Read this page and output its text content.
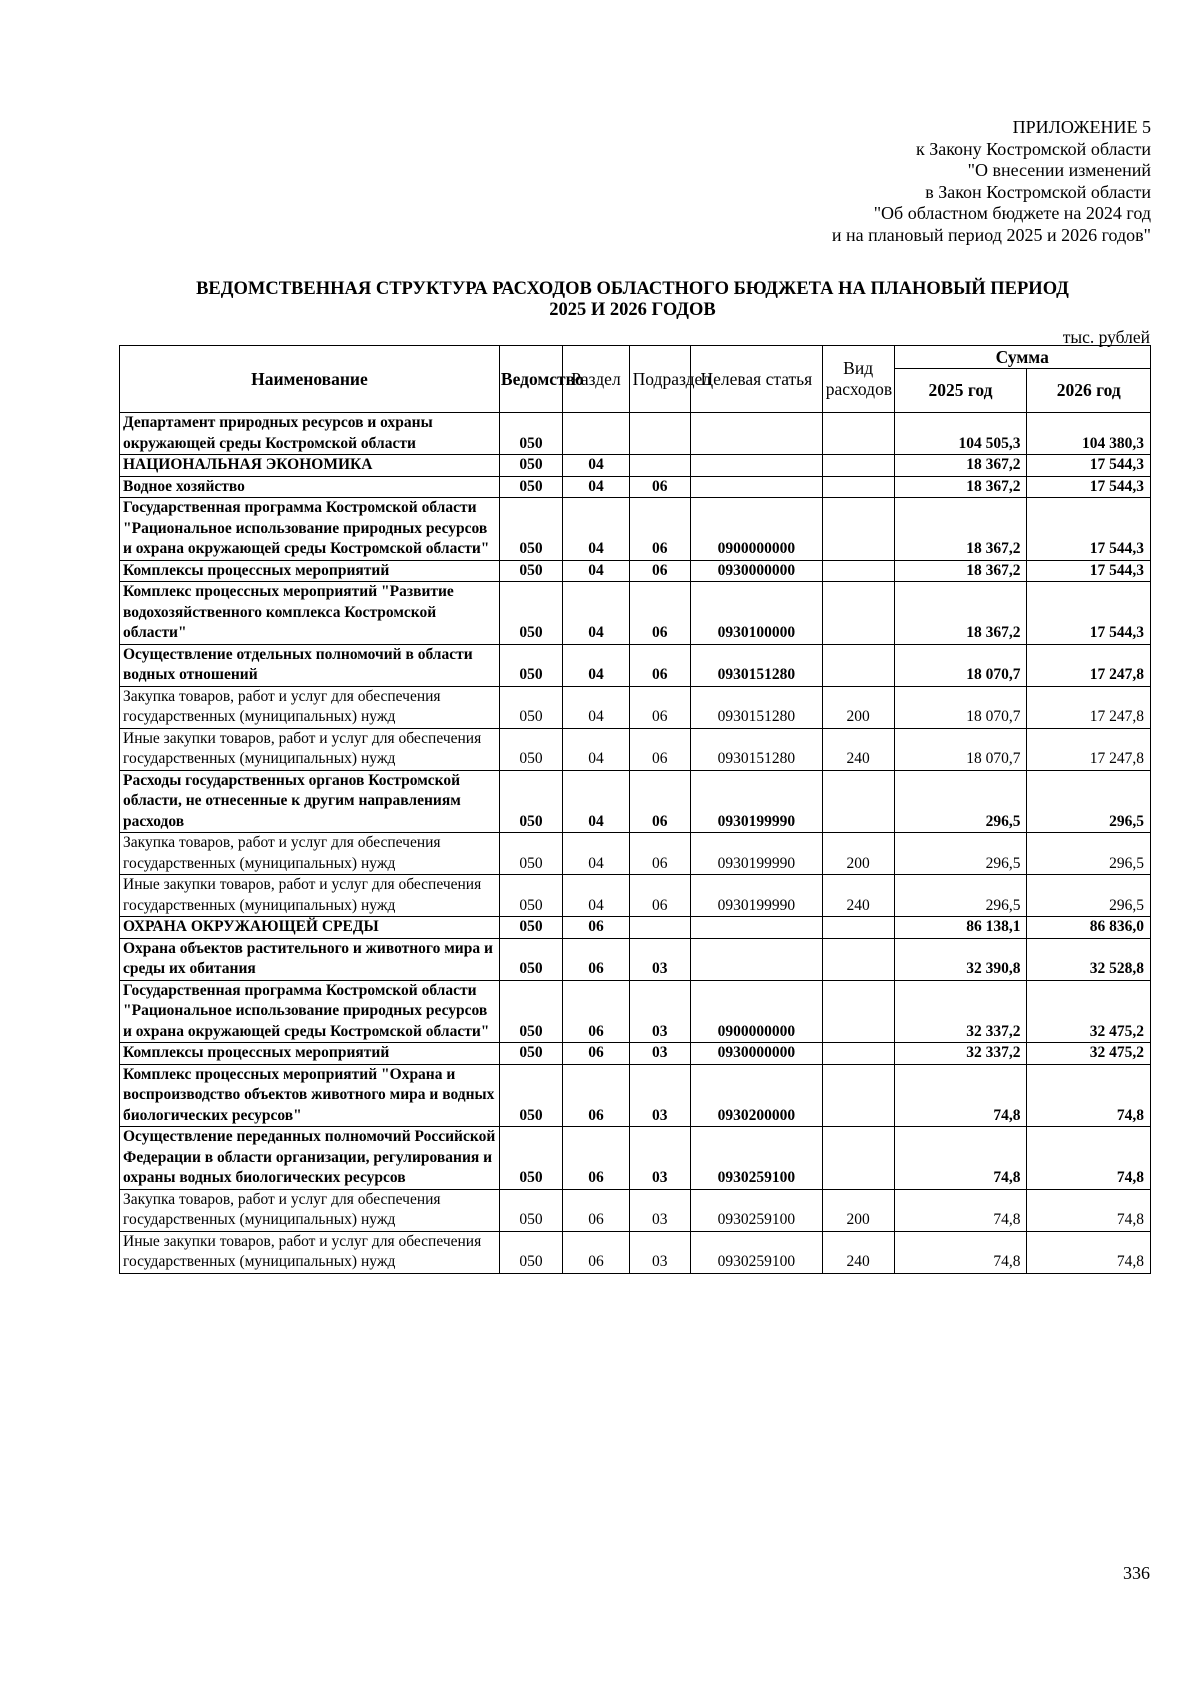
ПРИЛОЖЕНИЕ 5
к Закону Костромской области
"О внесении изменений
в Закон Костромской области
"Об областном бюджете на 2024 год
и на плановый период 2025 и 2026 годов"
ВЕДОМСТВЕННАЯ СТРУКТУРА РАСХОДОВ ОБЛАСТНОГО БЮДЖЕТА НА ПЛАНОВЫЙ ПЕРИОД
2025 И 2026 ГОДОВ
тыс. рублей
Наименование	Ведомство	Раздел	Подраздел	Целевая статья	Вид расходов	Сумма	
						2025 год	2026 год
Департамент природных ресурсов и охраны окружающей среды Костромской области	050					104 505,3	104 380,3
НАЦИОНАЛЬНАЯ ЭКОНОМИКА	050	04				18 367,2	17 544,3
Водное хозяйство	050	04	06			18 367,2	17 544,3
Государственная программа Костромской области "Рациональное использование природных ресурсов и охрана окружающей среды Костромской области"	050	04	06	0900000000		18 367,2	17 544,3
Комплексы процессных мероприятий	050	04	06	0930000000		18 367,2	17 544,3
Комплекс процессных мероприятий "Развитие водохозяйственного комплекса Костромской области"	050	04	06	0930100000		18 367,2	17 544,3
Осуществление отдельных полномочий в области водных отношений	050	04	06	0930151280		18 070,7	17 247,8
Закупка товаров, работ и услуг для обеспечения государственных (муниципальных) нужд	050	04	06	0930151280	200	18 070,7	17 247,8
Иные закупки товаров, работ и услуг для обеспечения государственных (муниципальных) нужд	050	04	06	0930151280	240	18 070,7	17 247,8
Расходы государственных органов Костромской области, не отнесенные к другим направлениям расходов	050	04	06	0930199990		296,5	296,5
Закупка товаров, работ и услуг для обеспечения государственных (муниципальных) нужд	050	04	06	0930199990	200	296,5	296,5
Иные закупки товаров, работ и услуг для обеспечения государственных (муниципальных) нужд	050	04	06	0930199990	240	296,5	296,5
ОХРАНА ОКРУЖАЮЩЕЙ СРЕДЫ	050	06				86 138,1	86 836,0
Охрана объектов растительного и животного мира и среды их обитания	050	06	03			32 390,8	32 528,8
Государственная программа Костромской области "Рациональное использование природных ресурсов и охрана окружающей среды Костромской области"	050	06	03	0900000000		32 337,2	32 475,2
Комплексы процессных мероприятий	050	06	03	0930000000		32 337,2	32 475,2
Комплекс процессных мероприятий "Охрана и воспроизводство объектов животного мира и водных биологических ресурсов"	050	06	03	0930200000		74,8	74,8
Осуществление переданных полномочий Российской Федерации в области организации, регулирования и охраны водных биологических ресурсов	050	06	03	0930259100		74,8	74,8
Закупка товаров, работ и услуг для обеспечения государственных (муниципальных) нужд	050	06	03	0930259100	200	74,8	74,8
Иные закупки товаров, работ и услуг для обеспечения государственных (муниципальных) нужд	050	06	03	0930259100	240	74,8	74,8
336
